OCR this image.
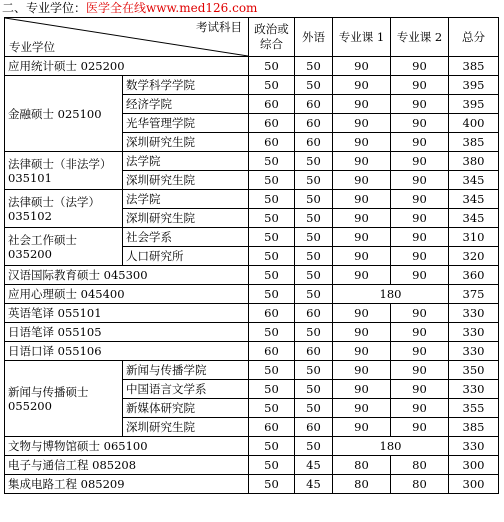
二、专业学位：医学全在线www.med126.com
考试科目
专业学位		政治或综合	外语	专业课 1	专业课 2	总分
应用统计硕士 025200		50	50	90	90	385
金融硕士 025100	数学科学学院	50	50	90	90	395
	经济学院	60	60	90	90	395
	光华管理学院	60	60	90	90	400
	深圳研究生院	60	60	90	90	385
法律硕士（非法学）035101	法学院	50	50	90	90	380
	深圳研究生院	50	50	90	90	345
法律硕士（法学）035102	法学院	50	50	90	90	345
	深圳研究生院	50	50	90	90	345
社会工作硕士 035200	社会学系	50	50	90	90	310
	人口研究所	50	50	90	90	320
汉语国际教育硕士 045300		50	50	90	90	360
应用心理硕士 045400		50	50	180		375
英语笔译 055101		60	60	90	90	330
日语笔译 055105		50	50	90	90	330
日语口译 055106		60	60	90	90	330
新闻与传播硕士 055200	新闻与传播学院	50	50	90	90	350
	中国语言文学系	50	50	90	90	330
	新媒体研究院	50	50	90	90	355
	深圳研究生院	60	60	90	90	385
文物与博物馆硕士 065100		50	50	180		330
电子与通信工程 085208		50	45	80	80	300
集成电路工程 085209		50	45	80	80	300
